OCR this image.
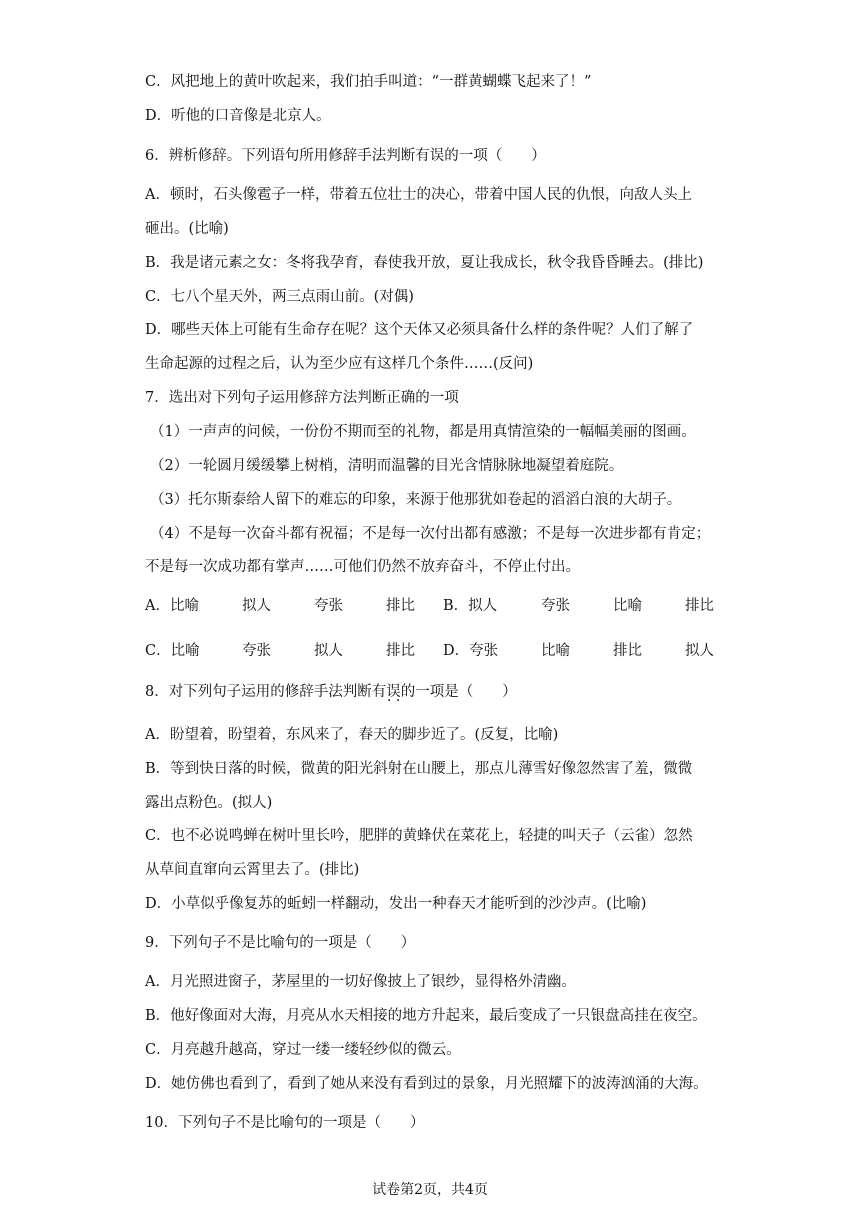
C．风把地上的黄叶吹起来，我们拍手叫道：“一群黄蝴蝶飞起来了！”
D．听他的口音像是北京人。
6．辨析修辞。下列语句所用修辞手法判断有误的一项（　　）
A．顿时，石头像雹子一样，带着五位壮士的决心，带着中国人民的仇恨，向敌人头上
砸出。(比喻)
B．我是诸元素之女：冬将我孕育，春使我开放，夏让我成长，秋令我昏昏睡去。(排比)
C．七八个星天外，两三点雨山前。(对偶)
D．哪些天体上可能有生命存在呢？这个天体又必须具备什么样的条件呢？人们了解了
生命起源的过程之后，认为至少应有这样几个条件……(反问)
7．选出对下列句子运用修辞方法判断正确的一项
（1）一声声的问候，一份份不期而至的礼物，都是用真情渲染的一幅幅美丽的图画。
（2）一轮圆月缓缓攀上树梢，清明而温馨的目光含情脉脉地凝望着庭院。
（3）托尔斯泰给人留下的难忘的印象，来源于他那犹如卷起的滔滔白浪的大胡子。
（4）不是每一次奋斗都有祝福；不是每一次付出都有感激；不是每一次进步都有肯定；
不是每一次成功都有掌声……可他们仍然不放弃奋斗，不停止付出。
A．比喻	拟人	夸张	排比 B．拟人	夸张	比喻	排比
C．比喻	夸张	拟人	排比 D．夸张	比喻	排比	拟人
8．对下列句子运用的修辞手法判断有误的一项是（　　）
· ·
A．盼望着，盼望着，东风来了，春天的脚步近了。(反复，比喻)
B．等到快日落的时候，微黄的阳光斜射在山腰上，那点儿薄雪好像忽然害了羞，微微
露出点粉色。(拟人)
C．也不必说鸣蝉在树叶里长吟，肥胖的黄蜂伏在菜花上，轻捷的叫天子（云雀）忽然
从草间直窜向云霄里去了。(排比)
D．小草似乎像复苏的蚯蚓一样翻动，发出一种春天才能听到的沙沙声。(比喻)
9．下列句子不是比喻句的一项是（　　）
A．月光照进窗子，茅屋里的一切好像披上了银纱，显得格外清幽。
B．他好像面对大海，月亮从水天相接的地方升起来，最后变成了一只银盘高挂在夜空。
C．月亮越升越高，穿过一缕一缕轻纱似的微云。
D．她仿佛也看到了，看到了她从来没有看到过的景象，月光照耀下的波涛汹涌的大海。
10．下列句子不是比喻句的一项是（　　）
试卷第2页，共4页
